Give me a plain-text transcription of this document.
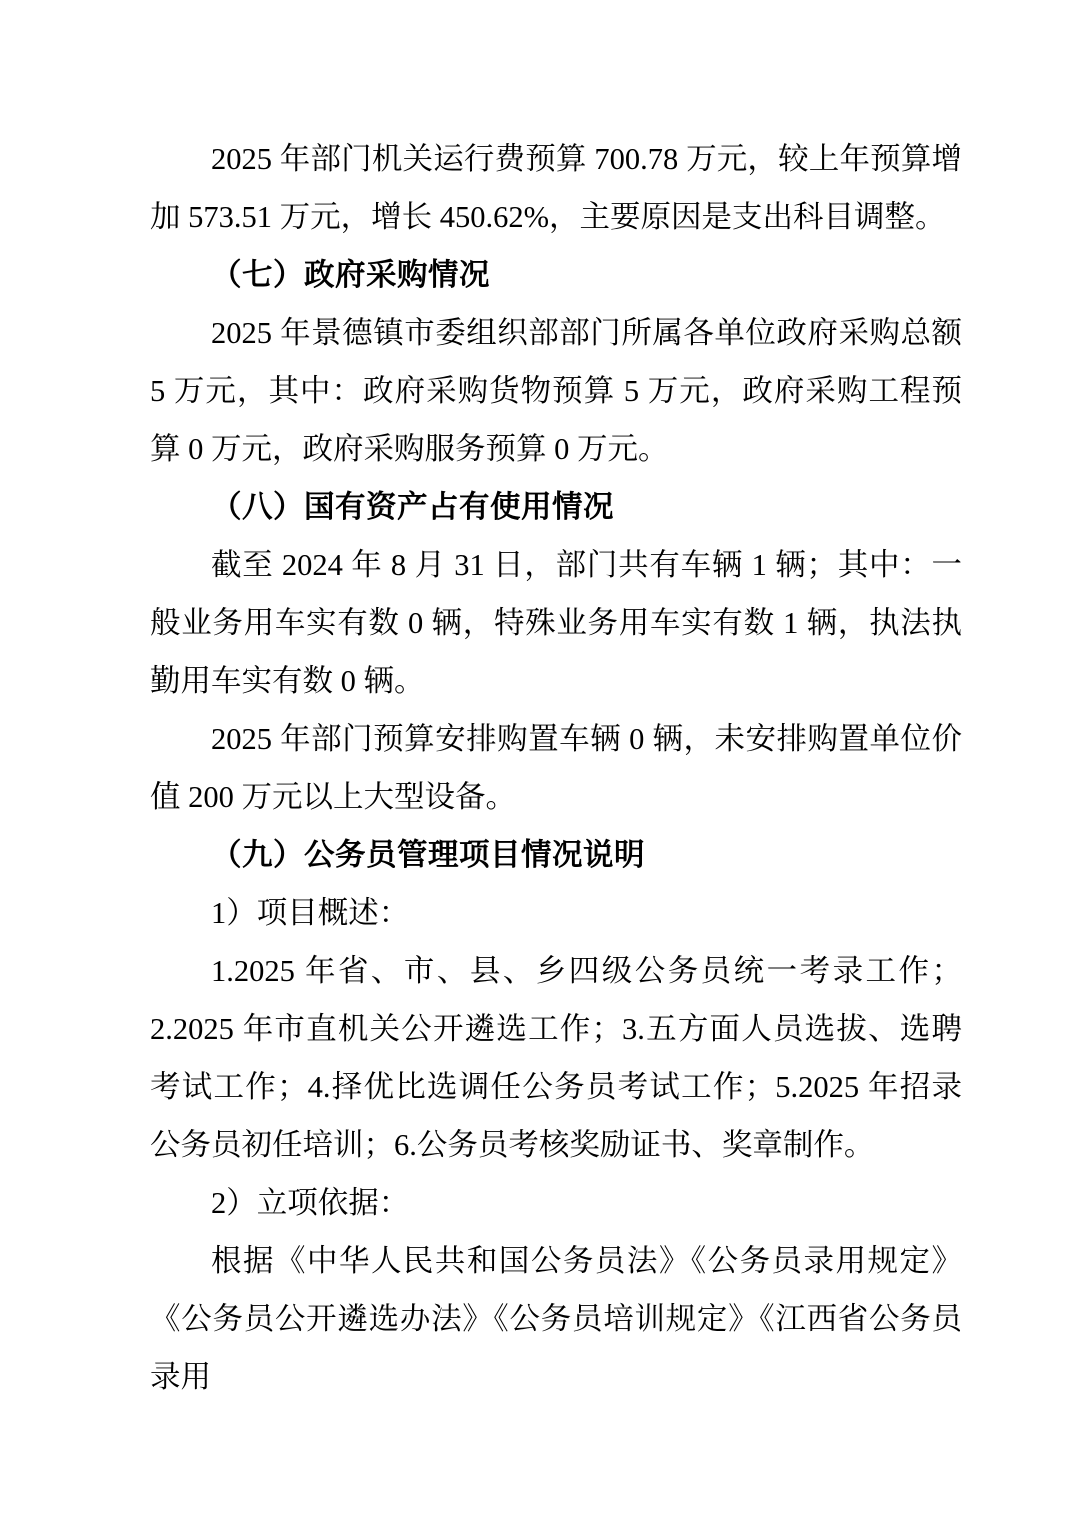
2025 年部门机关运行费预算 700.78 万元，较上年预算增加 573.51 万元，增长 450.62%，主要原因是支出科目调整。

（七）政府采购情况

2025 年景德镇市委组织部部门所属各单位政府采购总额 5 万元，其中：政府采购货物预算 5 万元，政府采购工程预算 0 万元，政府采购服务预算 0 万元。

（八）国有资产占有使用情况

截至 2024 年 8 月 31 日，部门共有车辆 1 辆；其中：一般业务用车实有数 0 辆，特殊业务用车实有数 1 辆，执法执勤用车实有数 0 辆。

2025 年部门预算安排购置车辆 0 辆，未安排购置单位价值 200 万元以上大型设备。

（九）公务员管理项目情况说明

1）项目概述：

1.2025 年省、市、县、乡四级公务员统一考录工作；2.2025 年市直机关公开遴选工作；3.五方面人员选拔、选聘考试工作；4.择优比选调任公务员考试工作；5.2025 年招录公务员初任培训；6.公务员考核奖励证书、奖章制作。

2）立项依据：

根据《中华人民共和国公务员法》《公务员录用规定》《公务员公开遴选办法》《公务员培训规定》《江西省公务员录用
